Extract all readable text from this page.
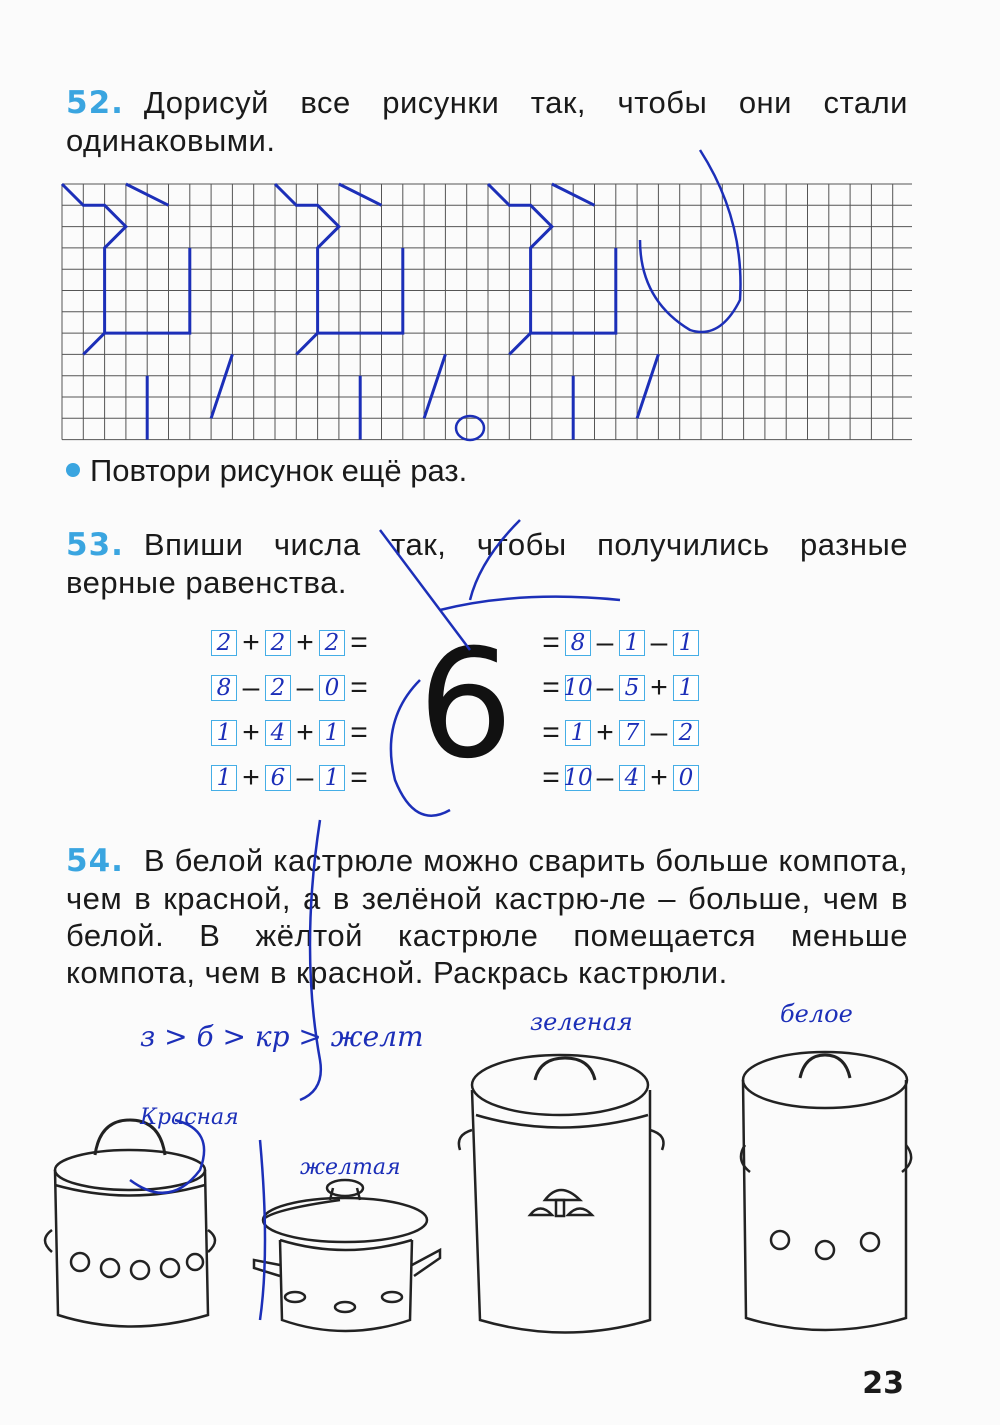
52. Дорисуй все рисунки так, чтобы они стали одинаковыми.
Повтори рисунок ещё раз.
53. Впиши числа так, чтобы получились разные верные равенства.
2 + 2 + 2 =
8 – 2 – 0 =
1 + 4 + 1 =
1 + 6 – 1 =
= 8 – 1 – 1
= 10 – 5 + 1
= 1 + 7 – 2
= 10 – 4 + 0
6
54. В белой кастрюле можно сварить больше компота, чем в красной, а в зелёной кастрю-ле – больше, чем в белой. В жёлтой кастрюле помещается меньше компота, чем в красной. Раскрась кастрюли.
з > б > кр > желт
Красная
желтая
зеленая	белое
23
